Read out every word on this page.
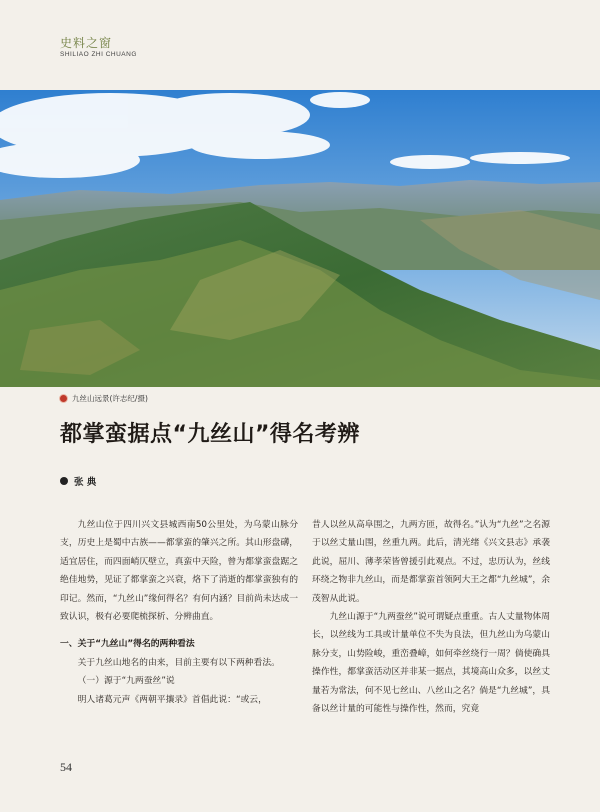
史料之窗
SHILIAO ZHI CHUANG
九丝山远景(许志纪/摄)
都掌蛮据点“九丝山”得名考辨
张 典

九丝山位于四川兴文县城西南50公里处，为乌蒙山脉分支，历史上是蜀中古族——都掌蛮的肇兴之所。其山形盘礴，适宜居住，而四面峭仄壁立，真蛮中天险，曾为都掌蛮盘踞之绝佳地势，见证了都掌蛮之兴衰，烙下了消逝的都掌蛮独有的印记。然而，“九丝山”缘何得名？有何内涵？目前尚未达成一致认识，极有必要爬梳探析、分辨曲直。

一、关于“九丝山”得名的两种看法

关于九丝山地名的由来，目前主要有以下两种看法。

（一）源于“九两蚕丝”说

明人诸葛元声《两朝平攘录》首倡此说：“或云，

昔人以丝从高阜围之，九两方匝，故得名。”认为“九丝”之名源于以丝丈量山围，丝重九两。此后，清光绪《兴文县志》承袭此说，屈川、薄孝荣皆曾援引此观点。不过，忠历认为，丝线环绕之物非九丝山，而是都掌蛮首领阿大王之都“九丝城”，余茂智从此说。

九丝山源于“九两蚕丝”说可谓疑点重重。古人丈量物体周长，以丝线为工具或计量单位不失为良法，但九丝山为乌蒙山脉分支，山势险峻，重峦叠嶂，如何牵丝绕行一周？倘使确具操作性，都掌蛮活动区并非某一据点，其境高山众多，以丝丈量若为常法，何不见七丝山、八丝山之名？倘是“九丝城”，具备以丝计量的可能性与操作性，然而，究竟

54
